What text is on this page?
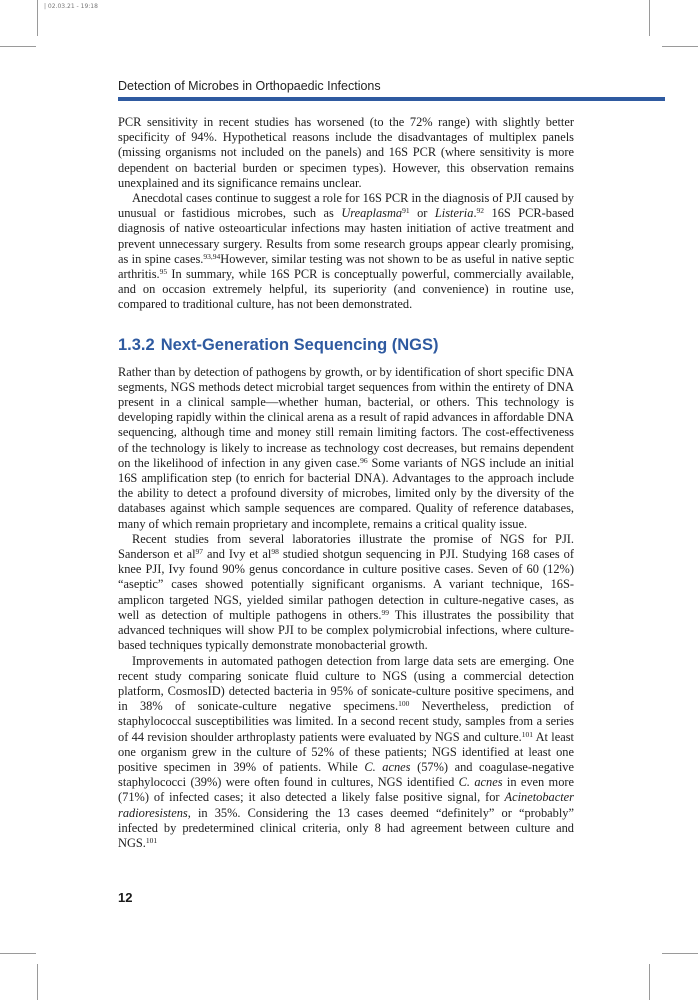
| 02.03.21 - 19:18
Detection of Microbes in Orthopaedic Infections

PCR sensitivity in recent studies has worsened (to the 72% range) with slightly better specificity of 94%. Hypothetical reasons include the disadvantages of multiplex panels (missing organisms not included on the panels) and 16S PCR (where sensitivity is more dependent on bacterial burden or specimen types). However, this observation remains unexplained and its significance remains unclear.

Anecdotal cases continue to suggest a role for 16S PCR in the diagnosis of PJI caused by unusual or fastidious microbes, such as Ureaplasma$^{91}$ or Listeria.$^{92}$ 16S PCR-based diagnosis of native osteoarticular infections may hasten initiation of active treatment and prevent unnecessary surgery. Results from some research groups appear clearly promising, as in spine cases.$^{93,94}$However, similar testing was not shown to be as useful in native septic arthritis.$^{95}$ In summary, while 16S PCR is conceptually powerful, commercially available, and on occasion extremely helpful, its superiority (and convenience) in routine use, compared to traditional culture, has not been demonstrated.

1.3.2 Next-Generation Sequencing (NGS)

Rather than by detection of pathogens by growth, or by identification of short specific DNA segments, NGS methods detect microbial target sequences from within the entirety of DNA present in a clinical sample—whether human, bacterial, or others. This technology is developing rapidly within the clinical arena as a result of rapid advances in affordable DNA sequencing, although time and money still remain limiting factors. The cost-effectiveness of the technology is likely to increase as technology cost decreases, but remains dependent on the likelihood of infection in any given case.$^{96}$ Some variants of NGS include an initial 16S amplification step (to enrich for bacterial DNA). Advantages to the approach include the ability to detect a profound diversity of microbes, limited only by the diversity of the databases against which sample sequences are compared. Quality of reference databases, many of which remain proprietary and incomplete, remains a critical quality issue.

Recent studies from several laboratories illustrate the promise of NGS for PJI. Sanderson et $al^{97}$ and Ivy et $al^{98}$ studied shotgun sequencing in PJI. Studying 168 cases of knee PJI, Ivy found 90% genus concordance in culture positive cases. Seven of 60 (12%) “aseptic” cases showed potentially significant organisms. A variant technique, 16S-amplicon targeted NGS, yielded similar pathogen detection in culture-negative cases, as well as detection of multiple pathogens in others.$^{99}$ This illustrates the possibility that advanced techniques will show PJI to be complex polymicrobial infections, where culture-based techniques typically demonstrate monobacterial growth.

Improvements in automated pathogen detection from large data sets are emerging. One recent study comparing sonicate fluid culture to NGS (using a commercial detection platform, CosmosID) detected bacteria in 95% of sonicate-culture positive specimens, and in 38% of sonicate-culture negative specimens.$^{100}$ Nevertheless, prediction of staphylococcal susceptibilities was limited. In a second recent study, samples from a series of 44 revision shoulder arthroplasty patients were evaluated by NGS and culture.$^{101}$ At least one organism grew in the culture of 52% of these patients; NGS identified at least one positive specimen in 39% of patients. While C. acnes (57%) and coagulase-negative staphylococci (39%) were often found in cultures, NGS identified C. acnes in even more (71%) of infected cases; it also detected a likely false positive signal, for Acinetobacter radioresistens, in 35%. Considering the 13 cases deemed “definitely” or “probably” infected by predetermined clinical criteria, only 8 had agreement between culture and NGS.$^{101}$

12
